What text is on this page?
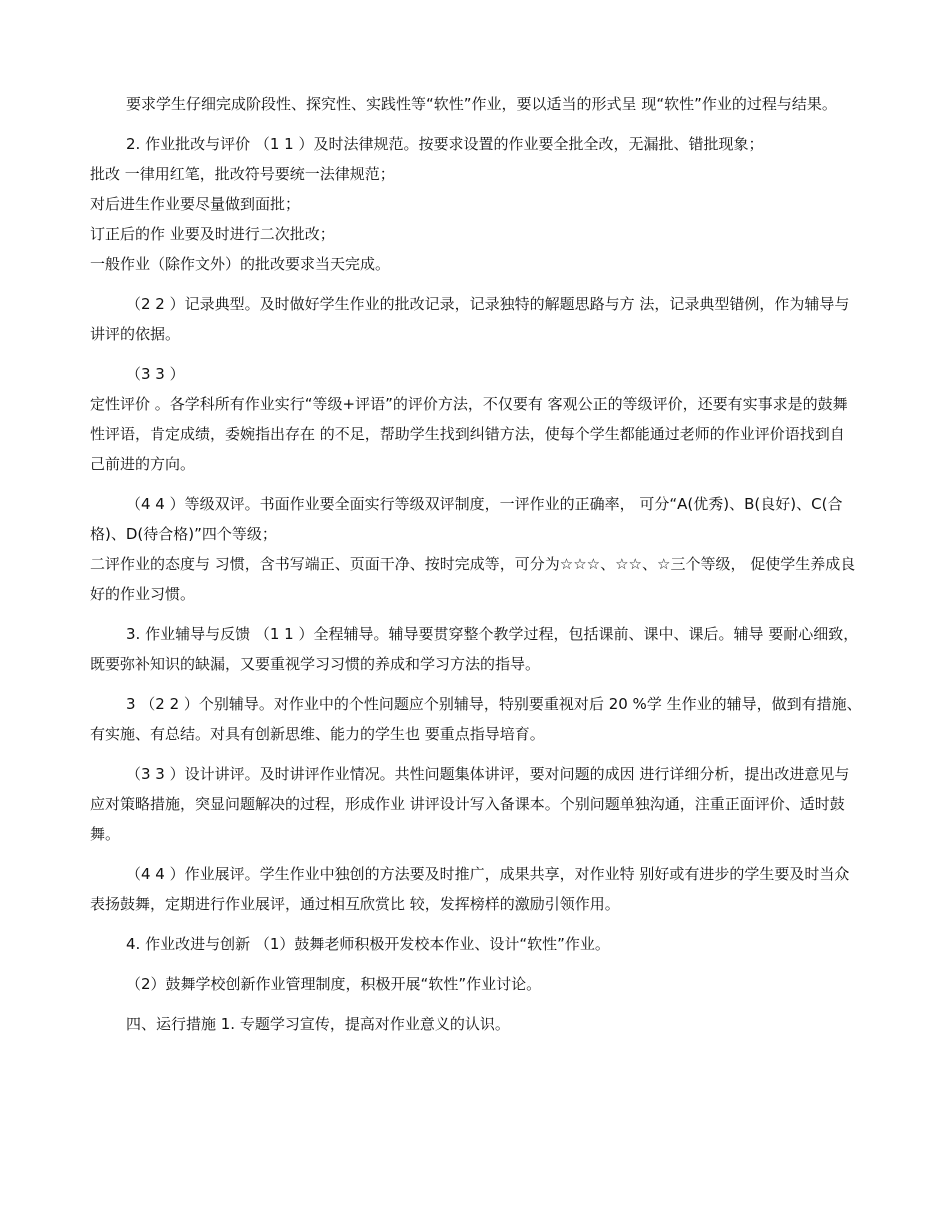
要求学生仔细完成阶段性、探究性、实践性等“软性”作业，要以适当的形式呈 现“软性”作业的过程与结果。

2. 作业批改与评价 （1 1 ）及时法律规范。按要求设置的作业要全批全改，无漏批、错批现象；

批改 一律用红笔，批改符号要统一法律规范；

对后进生作业要尽量做到面批；

订正后的作 业要及时进行二次批改；

一般作业（除作文外）的批改要求当天完成。

（2 2 ）记录典型。及时做好学生作业的批改记录，记录独特的解题思路与方 法，记录典型错例，作为辅导与讲评的依据。

（3 3 ）

定性评价 。各学科所有作业实行“等级+评语”的评价方法，不仅要有 客观公正的等级评价，还要有实事求是的鼓舞性评语，肯定成绩，委婉指出存在 的不足，帮助学生找到纠错方法，使每个学生都能通过老师的作业评价语找到自 己前进的方向。

（4 4 ）等级双评。书面作业要全面实行等级双评制度，一评作业的正确率， 可分“A(优秀)、B(良好)、C(合格)、D(待合格)”四个等级；

二评作业的态度与 习惯，含书写端正、页面干净、按时完成等，可分为☆☆☆、☆☆、☆三个等级， 促使学生养成良好的作业习惯。

3. 作业辅导与反馈 （1 1 ）全程辅导。辅导要贯穿整个教学过程，包括课前、课中、课后。辅导 要耐心细致，既要弥补知识的缺漏，又要重视学习习惯的养成和学习方法的指导。

3 （2 2 ）个别辅导。对作业中的个性问题应个别辅导，特别要重视对后 20 %学 生作业的辅导，做到有措施、有实施、有总结。对具有创新思维、能力的学生也 要重点指导培育。

（3 3 ）设计讲评。及时讲评作业情况。共性问题集体讲评，要对问题的成因 进行详细分析，提出改进意见与应对策略措施，突显问题解决的过程，形成作业 讲评设计写入备课本。个别问题单独沟通，注重正面评价、适时鼓舞。

（4 4 ）作业展评。学生作业中独创的方法要及时推广，成果共享，对作业特 别好或有进步的学生要及时当众表扬鼓舞，定期进行作业展评，通过相互欣赏比 较，发挥榜样的激励引领作用。

4. 作业改进与创新 （1）鼓舞老师积极开发校本作业、设计“软性”作业。

（2）鼓舞学校创新作业管理制度，积极开展“软性”作业讨论。

四、运行措施 1. 专题学习宣传，提高对作业意义的认识。
